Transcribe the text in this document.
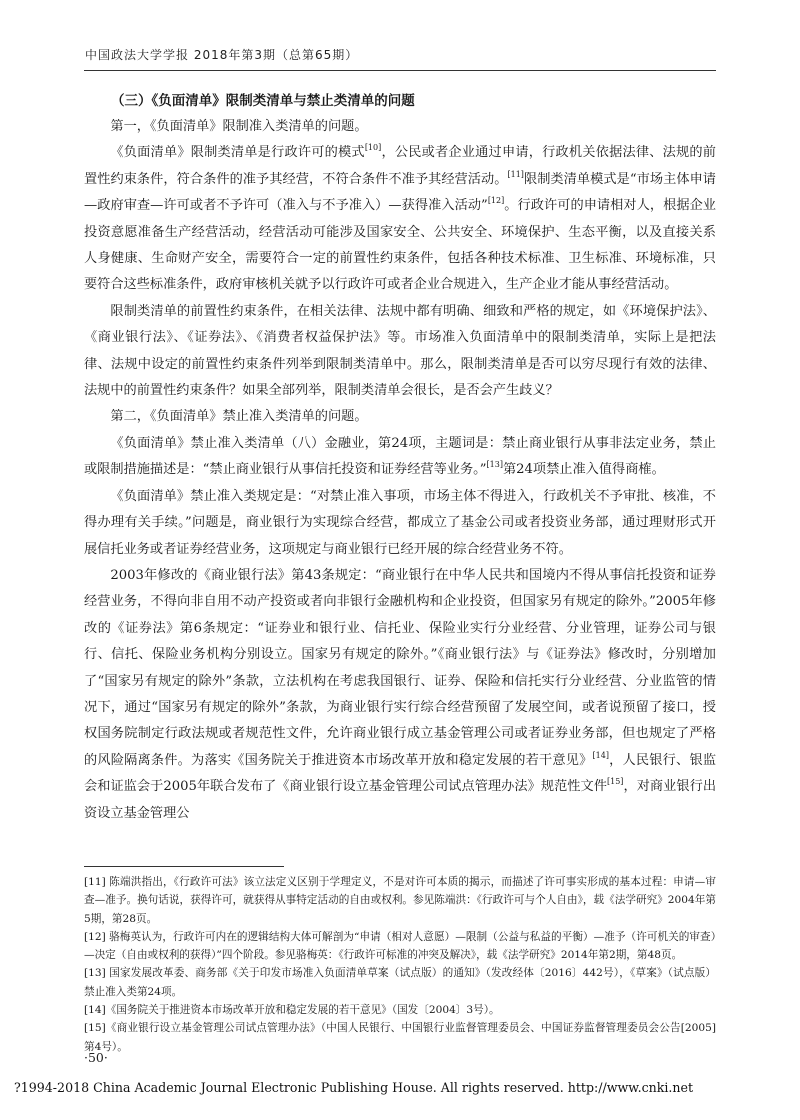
中国政法大学学报 2018年第3期（总第65期）
（三）《负面清单》限制类清单与禁止类清单的问题

第一，《负面清单》限制准入类清单的问题。

《负面清单》限制类清单是行政许可的模式[10]，公民或者企业通过申请，行政机关依据法律、法规的前置性约束条件，符合条件的准予其经营，不符合条件不准予其经营活动。[11]限制类清单模式是“市场主体申请—政府审查—许可或者不予许可（准入与不予准入）—获得准入活动”[12]。行政许可的申请相对人，根据企业投资意愿准备生产经营活动，经营活动可能涉及国家安全、公共安全、环境保护、生态平衡，以及直接关系人身健康、生命财产安全，需要符合一定的前置性约束条件，包括各种技术标准、卫生标准、环境标准，只要符合这些标准条件，政府审核机关就予以行政许可或者企业合规进入，生产企业才能从事经营活动。

限制类清单的前置性约束条件，在相关法律、法规中都有明确、细致和严格的规定，如《环境保护法》、《商业银行法》、《证券法》、《消费者权益保护法》等。市场准入负面清单中的限制类清单，实际上是把法律、法规中设定的前置性约束条件列举到限制类清单中。那么，限制类清单是否可以穷尽现行有效的法律、法规中的前置性约束条件？如果全部列举，限制类清单会很长，是否会产生歧义？

第二，《负面清单》禁止准入类清单的问题。

《负面清单》禁止准入类清单（八）金融业，第24项，主题词是：禁止商业银行从事非法定业务，禁止或限制措施描述是：“禁止商业银行从事信托投资和证券经营等业务。”[13]第24项禁止准入值得商榷。

《负面清单》禁止准入类规定是：“对禁止准入事项，市场主体不得进入，行政机关不予审批、核准，不得办理有关手续。”问题是，商业银行为实现综合经营，都成立了基金公司或者投资业务部，通过理财形式开展信托业务或者证券经营业务，这项规定与商业银行已经开展的综合经营业务不符。

2003年修改的《商业银行法》第43条规定：“商业银行在中华人民共和国境内不得从事信托投资和证券经营业务，不得向非自用不动产投资或者向非银行金融机构和企业投资，但国家另有规定的除外。”2005年修改的《证券法》第6条规定：“证券业和银行业、信托业、保险业实行分业经营、分业管理，证券公司与银行、信托、保险业务机构分别设立。国家另有规定的除外。”《商业银行法》与《证券法》修改时，分别增加了“国家另有规定的除外”条款，立法机构在考虑我国银行、证券、保险和信托实行分业经营、分业监管的情况下，通过“国家另有规定的除外”条款，为商业银行实行综合经营预留了发展空间，或者说预留了接口，授权国务院制定行政法规或者规范性文件，允许商业银行成立基金管理公司或者证券业务部，但也规定了严格的风险隔离条件。为落实《国务院关于推进资本市场改革开放和稳定发展的若干意见》[14]，人民银行、银监会和证监会于2005年联合发布了《商业银行设立基金管理公司试点管理办法》规范性文件[15]，对商业银行出资设立基金管理公

[11] 陈端洪指出，《行政许可法》该立法定义区别于学理定义，不是对许可本质的揭示，而描述了许可事实形成的基本过程：申请—审查—准予。换句话说，获得许可，就获得从事特定活动的自由或权利。参见陈端洪：《行政许可与个人自由》，载《法学研究》2004年第5期，第28页。

[12] 骆梅英认为，行政许可内在的逻辑结构大体可解剖为“申请（相对人意愿）—限制（公益与私益的平衡）—准予（许可机关的审查）—决定（自由或权利的获得）”四个阶段。参见骆梅英：《行政许可标准的冲突及解决》，载《法学研究》2014年第2期，第48页。

[13] 国家发展改革委、商务部《关于印发市场准入负面清单草案（试点版）的通知》（发改经体〔2016〕442号），《草案》（试点版）禁止准入类第24项。

[14]《国务院关于推进资本市场改革开放和稳定发展的若干意见》（国发〔2004〕3号）。

[15]《商业银行设立基金管理公司试点管理办法》（中国人民银行、中国银行业监督管理委员会、中国证券监督管理委员会公告[2005]第4号）。

·50·
?1994-2018 China Academic Journal Electronic Publishing House. All rights reserved. http://www.cnki.net
